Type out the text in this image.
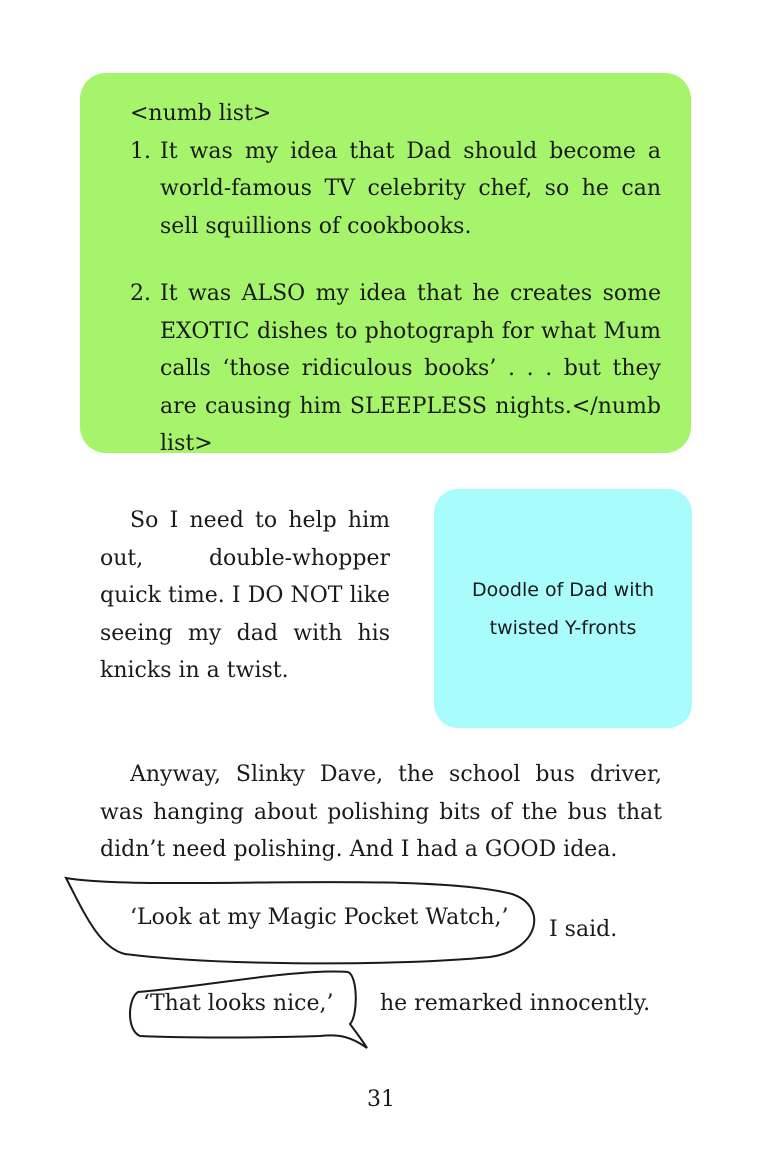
<numb list>

1. It was my idea that Dad should become a world-famous TV celebrity chef, so he can sell squillions of cookbooks.
2. It was ALSO my idea that he creates some EXOTIC dishes to photograph for what Mum calls ‘those ridiculous books’ . . . but they are causing him SLEEPLESS nights.</numb list>

So I need to help him out, double-whopper quick time. I DO NOT like seeing my dad with his knicks in a twist.

Doodle of Dad with twisted Y-fronts

Anyway, Slinky Dave, the school bus driver, was hanging about polishing bits of the bus that didn’t need polishing. And I had a GOOD idea.

‘Look at my Magic Pocket Watch,’ I said.
‘That looks nice,’ he remarked innocently.
31
